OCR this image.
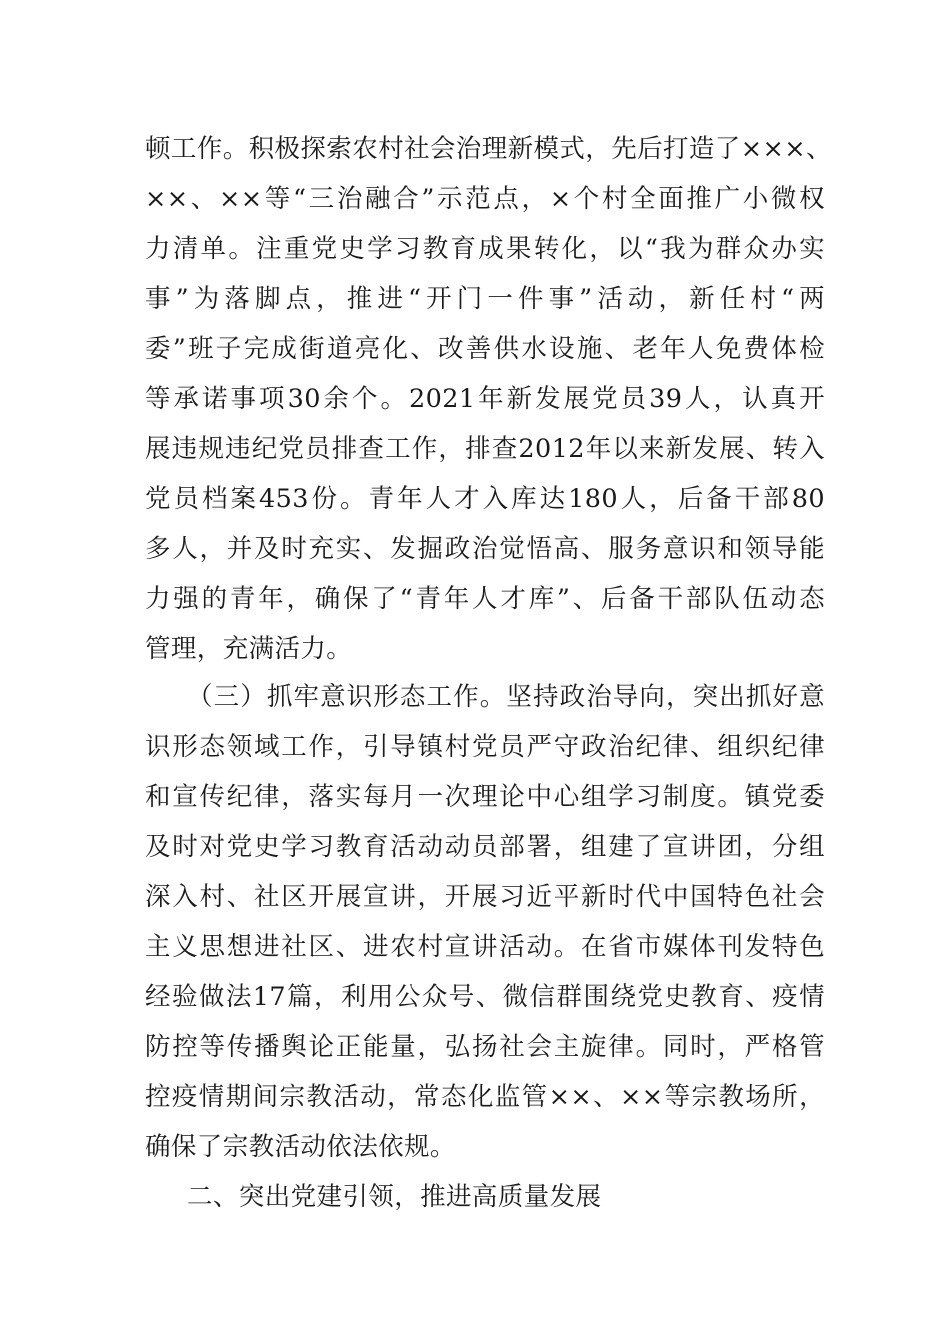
顿工作。积极探索农村社会治理新模式，先后打造了×××、
××、××等“三治融合”示范点，×个村全面推广小微权
力清单。注重党史学习教育成果转化，以“我为群众办实
事”为落脚点，推进“开门一件事”活动，新任村“两
委”班子完成街道亮化、改善供水设施、老年人免费体检
等承诺事项30余个。2021年新发展党员39人，认真开
展违规违纪党员排查工作，排查2012年以来新发展、转入
党员档案453份。青年人才入库达180人，后备干部80
多人，并及时充实、发掘政治觉悟高、服务意识和领导能
力强的青年，确保了“青年人才库”、后备干部队伍动态
管理，充满活力。
（三）抓牢意识形态工作。坚持政治导向，突出抓好意
识形态领域工作，引导镇村党员严守政治纪律、组织纪律
和宣传纪律，落实每月一次理论中心组学习制度。镇党委
及时对党史学习教育活动动员部署，组建了宣讲团，分组
深入村、社区开展宣讲，开展习近平新时代中国特色社会
主义思想进社区、进农村宣讲活动。在省市媒体刊发特色
经验做法17篇，利用公众号、微信群围绕党史教育、疫情
防控等传播舆论正能量，弘扬社会主旋律。同时，严格管
控疫情期间宗教活动，常态化监管××、××等宗教场所，
确保了宗教活动依法依规。
二、突出党建引领，推进高质量发展
